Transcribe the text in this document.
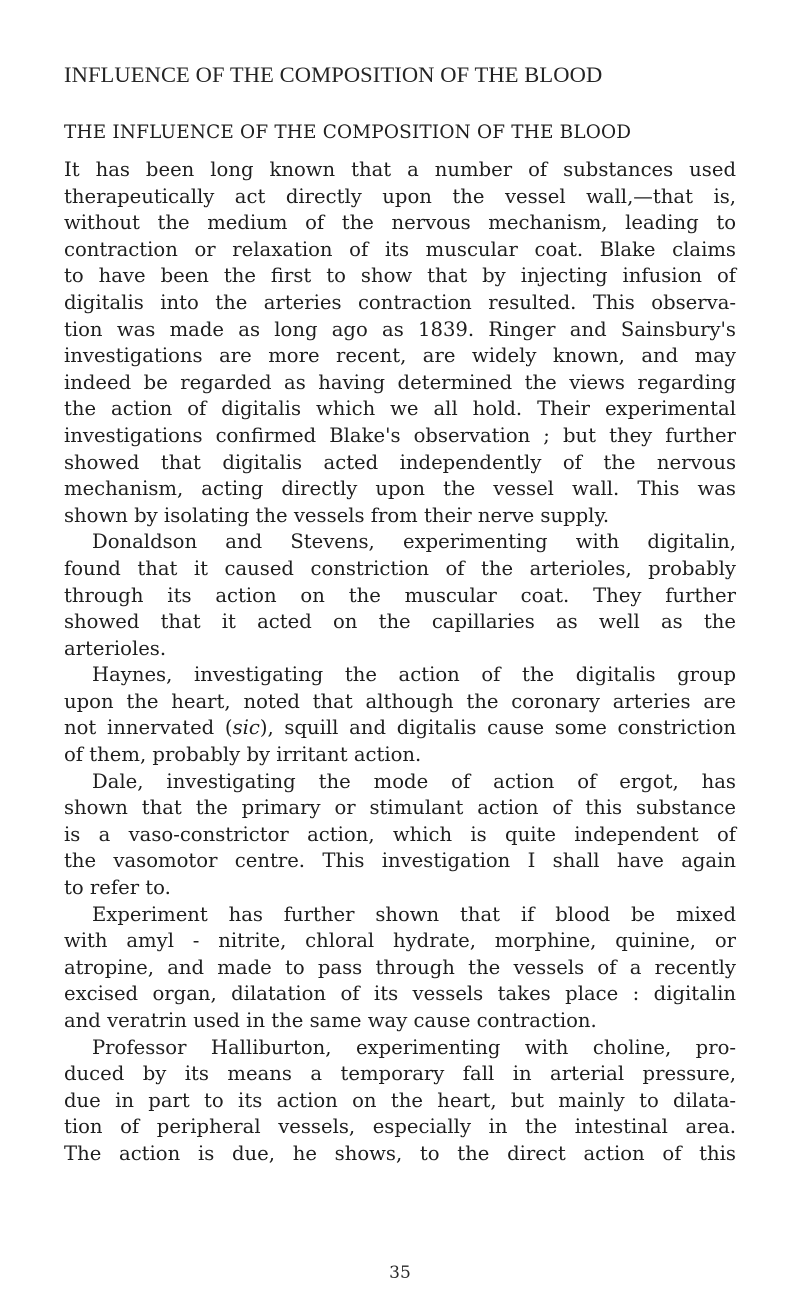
INFLUENCE OF THE COMPOSITION OF THE BLOOD
THE INFLUENCE OF THE COMPOSITION OF THE BLOOD
It has been long known that a number of substances used
therapeutically act directly upon the vessel wall,—that is,
without the medium of the nervous mechanism, leading to
contraction or relaxation of its muscular coat. Blake claims
to have been the first to show that by injecting infusion of
digitalis into the arteries contraction resulted. This observa-
tion was made as long ago as 1839. Ringer and Sainsbury's
investigations are more recent, are widely known, and may
indeed be regarded as having determined the views regarding
the action of digitalis which we all hold. Their experimental
investigations confirmed Blake's observation ; but they further
showed that digitalis acted independently of the nervous
mechanism, acting directly upon the vessel wall. This was
shown by isolating the vessels from their nerve supply.
Donaldson and Stevens, experimenting with digitalin,
found that it caused constriction of the arterioles, probably
through its action on the muscular coat. They further
showed that it acted on the capillaries as well as the
arterioles.
Haynes, investigating the action of the digitalis group
upon the heart, noted that although the coronary arteries are
not innervated (sic), squill and digitalis cause some constriction
of them, probably by irritant action.
Dale, investigating the mode of action of ergot, has
shown that the primary or stimulant action of this substance
is a vaso-constrictor action, which is quite independent of
the vasomotor centre. This investigation I shall have again
to refer to.
Experiment has further shown that if blood be mixed
with amyl - nitrite, chloral hydrate, morphine, quinine, or
atropine, and made to pass through the vessels of a recently
excised organ, dilatation of its vessels takes place : digitalin
and veratrin used in the same way cause contraction.
Professor Halliburton, experimenting with choline, pro-
duced by its means a temporary fall in arterial pressure,
due in part to its action on the heart, but mainly to dilata-
tion of peripheral vessels, especially in the intestinal area.
The action is due, he shows, to the direct action of this
35
